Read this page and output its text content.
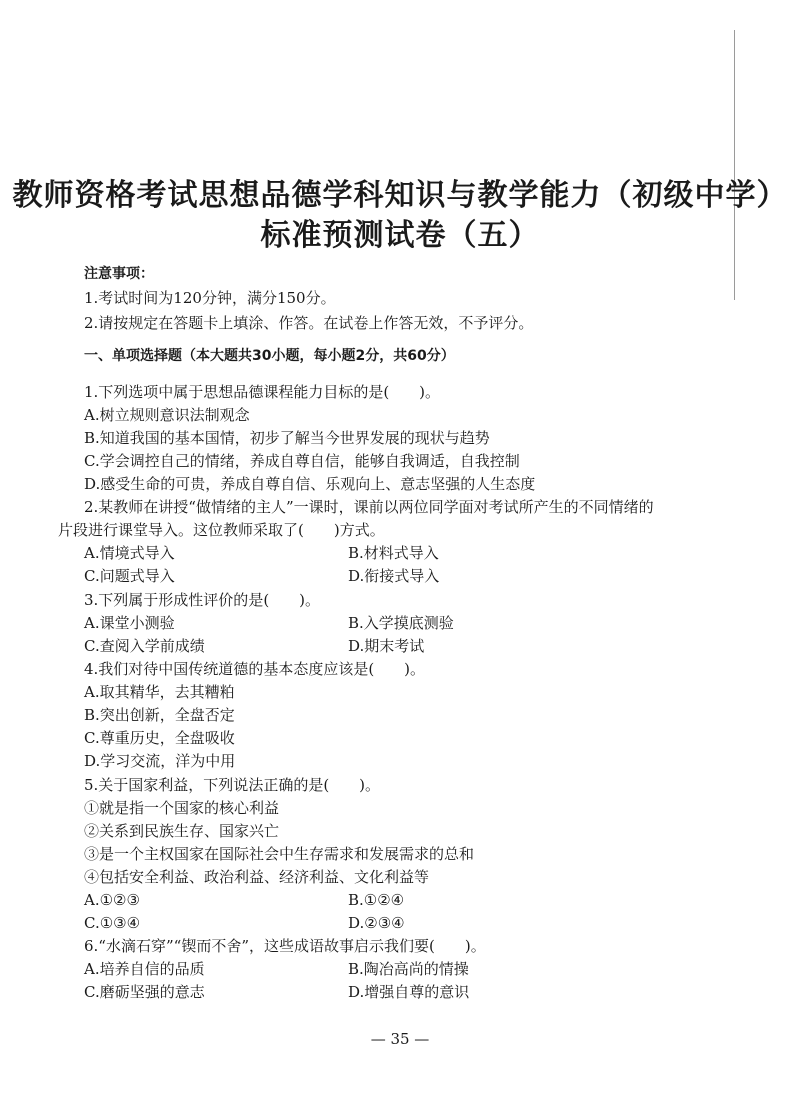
教师资格考试思想品德学科知识与教学能力（初级中学）
标准预测试卷（五）

注意事项：

1.考试时间为120分钟，满分150分。

2.请按规定在答题卡上填涂、作答。在试卷上作答无效，不予评分。

一、单项选择题（本大题共30小题，每小题2分，共60分）

1.下列选项中属于思想品德课程能力目标的是(　　)。

A.树立规则意识法制观念

B.知道我国的基本国情，初步了解当今世界发展的现状与趋势

C.学会调控自己的情绪，养成自尊自信，能够自我调适，自我控制

D.感受生命的可贵，养成自尊自信、乐观向上、意志坚强的人生态度

2.某教师在讲授“做情绪的主人”一课时，课前以两位同学面对考试所产生的不同情绪的

片段进行课堂导入。这位教师采取了(　　)方式。

A.情境式导入	B.材料式导入

C.问题式导入	D.衔接式导入

3.下列属于形成性评价的是(　　)。

A.课堂小测验	B.入学摸底测验

C.查阅入学前成绩	D.期末考试

4.我们对待中国传统道德的基本态度应该是(　　)。

A.取其精华，去其糟粕

B.突出创新，全盘否定

C.尊重历史，全盘吸收

D.学习交流，洋为中用

5.关于国家利益，下列说法正确的是(　　)。

①就是指一个国家的核心利益

②关系到民族生存、国家兴亡

③是一个主权国家在国际社会中生存需求和发展需求的总和

④包括安全利益、政治利益、经济利益、文化利益等

A.①②③	B.①②④

C.①③④	D.②③④

6.“水滴石穿”“锲而不舍”，这些成语故事启示我们要(　　)。

A.培养自信的品质	B.陶冶高尚的情操

C.磨砺坚强的意志	D.增强自尊的意识
— 35 —
